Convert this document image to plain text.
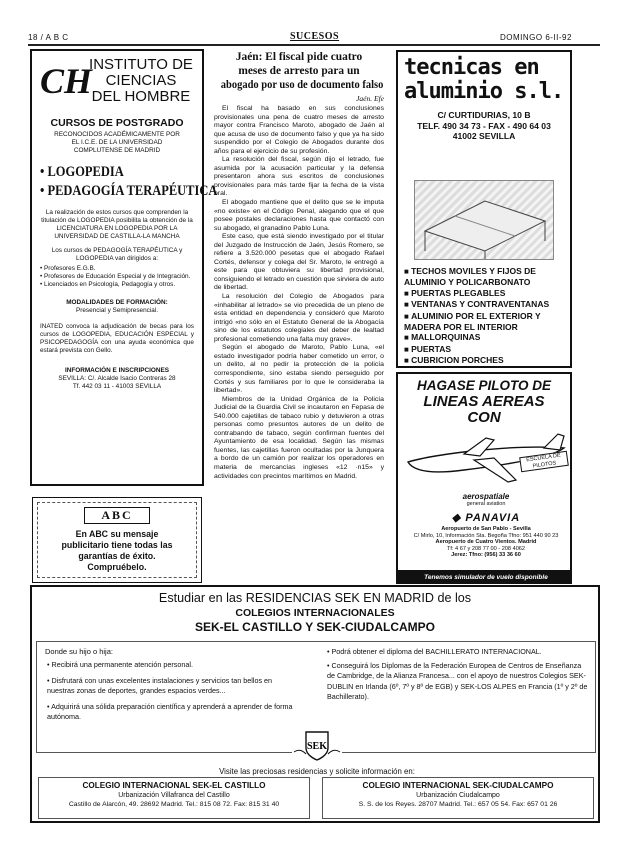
18 / A B C	SUCESOS	DOMINGO 6-II-92
CH
INSTITUTO DE
CIENCIAS
DEL HOMBRE
CURSOS DE POSTGRADO
RECONOCIDOS ACADÉMICAMENTE POR
EL I.C.E. DE LA UNIVERSIDAD
COMPLUTENSE DE MADRID
• LOGOPEDIA
• PEDAGOGÍA TERAPÉUTICA
La realización de estos cursos que comprenden la titulación de LOGOPEDIA posibilita la obtención de la LICENCIATURA EN LOGOPEDIA POR LA UNIVERSIDAD DE CASTILLA-LA MANCHA
Los cursos de PEDAGOGÍA TERAPÉUTICA y LOGOPEDIA van dirigidos a:
• Profesores E.G.B.
• Profesores de Educación Especial y de Integración.
• Licenciados en Psicología, Pedagogía y otros.
MODALIDADES DE FORMACIÓN:
Presencial y Semipresencial.
INATED convoca la adjudicación de becas para los cursos de LOGOPEDIA, EDUCACIÓN ESPECIAL y PSICOPEDAGOGÍA con una ayuda económica que estará prevista con Gello.
INFORMACIÓN E INSCRIPCIONES
SEVILLA: C/. Alcalde Isacio Contreras 28
Tf. 442 03 11 - 41003 SEVILLA
ABC
En ABC su mensaje
publicitario tiene todas las
garantías de éxito.
Compruébelo.
Jaén: El fiscal pide cuatro
meses de arresto para un
abogado por uso de documento falso
Jaén. Efe

El fiscal ha basado en sus conclusiones provisionales una pena de cuatro meses de arresto mayor contra Francisco Maroto, abogado de Jaén al que acusa de uso de documento falso y que ya ha sido suspendido por el Colegio de Abogados durante dos años para el ejercicio de su profesión.

La resolución del fiscal, según dijo el letrado, fue asumida por la acusación particular y la defensa presentaron ahora sus escritos de conclusiones provisionales para más tarde fijar la fecha de la vista oral.

El abogado mantiene que el delito que se le imputa «no existe» en el Código Penal, alegando que el que posee postales declaraciones hasta que contactó con su abogado, el granadino Pablo Luna.

Este caso, que está siendo investigado por el titular del Juzgado de Instrucción de Jaén, Jesús Romero, se refiere a 3.520.000 pesetas que el abogado Rafael Cortés, defensor y colega del Sr. Maroto, le entregó a este para que obtuviera su libertad provisional, consiguiendo el letrado en cuestión que sirviera de auto de libertad.

La resolución del Colegio de Abogados para «inhabilitar al letrado» se vio precedida de un pleno de esta entidad en dependencia y consideró que Maroto intrigó «no sólo en el Estatuto General de la Abogacía sino de los estatutos colegiales del deber de lealtad profesional cometiendo una falta muy grave».

Según el abogado de Maroto, Pablo Luna, «el estado investigador podría haber cometido un error, o un delito, al no pedir la protección de la policía correspondiente, sino estaba siendo perseguido por Cortés y sus familiares por lo que le consideraba la libertad».

Miembros de la Unidad Orgánica de la Policía Judicial de la Guardia Civil se incautaron en Fepasa de 540.000 cajetillas de tabaco rubio y detuvieron a otras personas como presuntos autores de un delito de contrabando de tabaco, según confirman fuentes del Ayuntamiento de esa localidad. Según las mismas fuentes, las cajetillas fueron ocultadas por la Junquera a bordo de un camión por realizar los operadores en materia de mercancías ingleses «12 ·n15» y actividades con precintos marítimos en Madrid.

tecnicas en
aluminio s.l.
C/ CURTIDURIAS, 10 B
TELF. 490 34 73 - FAX - 490 64 03
41002 SEVILLA
■ TECHOS MOVILES Y FIJOS DE ALUMINIO Y POLICARBONATO
■ PUERTAS PLEGABLES
■ VENTANAS Y CONTRAVENTANAS
■ ALUMINIO POR EL EXTERIOR Y MADERA POR EL INTERIOR
■ MALLORQUINAS
■ PUERTAS
■ CUBRICION PORCHES
HAGASE PILOTO DE
LINEAS AEREAS
CON
ESCUELA DE PILOTOS
aerospatiale
general aviation
◆ PANAVIA
Aeropuerto de San Pablo - Sevilla
C/ Mirlo, 10, Información Sta. Begoña Tfno: 951 440 90 23
Aeropuerto de Cuatro Vientos. Madrid
Tf: 4 67 y 208 77 00 - 208 4062
Jerez: Tfno: (956) 33 36 60
Tenemos simulador de vuelo disponible
Estudiar en las RESIDENCIAS SEK EN MADRID de los
COLEGIOS INTERNACIONALES
SEK-EL CASTILLO Y SEK-CIUDALCAMPO
Donde su hijo o hija:
• Recibirá una permanente atención personal.
• Disfrutará con unas excelentes instalaciones y servicios tan bellos en nuestras zonas de deportes, grandes espacios verdes...
• Adquirirá una sólida preparación científica y aprenderá a aprender de forma autónoma.
• Podrá obtener el diploma del BACHILLERATO INTERNACIONAL.
• Conseguirá los Diplomas de la Federación Europea de Centros de Enseñanza de Cambridge, de la Alianza Francesa... con el apoyo de nuestros Colegios SEK-DUBLIN en Irlanda (6º, 7º y 8º de EGB) y SEK-LOS ALPES en Francia (1º y 2º de Bachillerato).
SEK
Visite las preciosas residencias y solicite información en:
COLEGIO INTERNACIONAL SEK-EL CASTILLO
Urbanización Villafranca del Castillo
Castillo de Alarcón, 49. 28692 Madrid. Tel.: 815 08 72. Fax: 815 31 40
COLEGIO INTERNACIONAL SEK-CIUDALCAMPO
Urbanización Ciudalcampo
S. S. de los Reyes. 28707 Madrid. Tel.: 657 05 54. Fax: 657 01 26
